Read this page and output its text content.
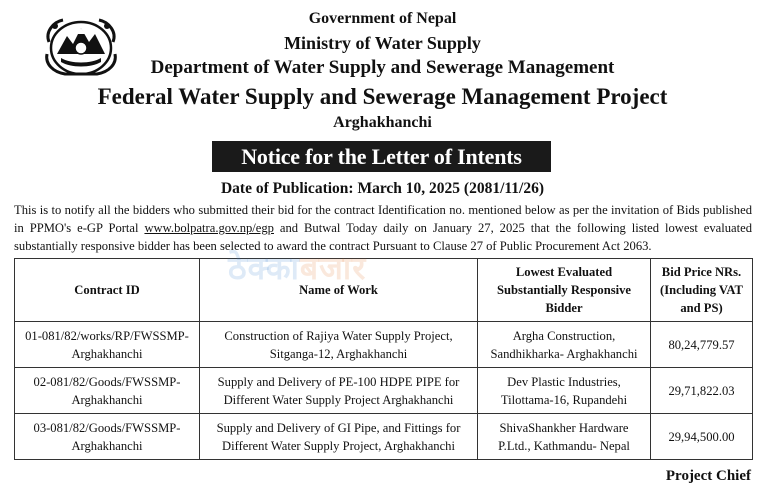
Government of Nepal
Ministry of Water Supply
Department of Water Supply and Sewerage Management
Federal Water Supply and Sewerage Management Project
Arghakhanchi
Notice for the Letter of Intents
Date of Publication: March 10, 2025 (2081/11/26)
This is to notify all the bidders who submitted their bid for the contract Identification no. mentioned below as per the invitation of Bids published in PPMO's e-GP Portal www.bolpatra.gov.np/egp and Butwal Today daily on January 27, 2025 that the following listed lowest evaluated substantially responsive bidder has been selected to award the contract Pursuant to Clause 27 of Public Procurement Act 2063.
Contract ID	Name of Work	Lowest Evaluated Substantially Responsive Bidder	Bid Price NRs. (Including VAT and PS)
01-081/82/works/RP/FWSSMP-Arghakhanchi	Construction of Rajiya Water Supply Project, Sitganga-12, Arghakhanchi	Argha Construction, Sandhikharka- Arghakhanchi	80,24,779.57
02-081/82/Goods/FWSSMP-Arghakhanchi	Supply and Delivery of PE-100 HDPE PIPE for Different Water Supply Project Arghakhanchi	Dev Plastic Industries, Tilottama-16, Rupandehi	29,71,822.03
03-081/82/Goods/FWSSMP-Arghakhanchi	Supply and Delivery of GI Pipe, and Fittings for Different Water Supply Project, Arghakhanchi	ShivaShankher Hardware P.Ltd., Kathmandu- Nepal	29,94,500.00
ठेक्काबजार
Project Chief
